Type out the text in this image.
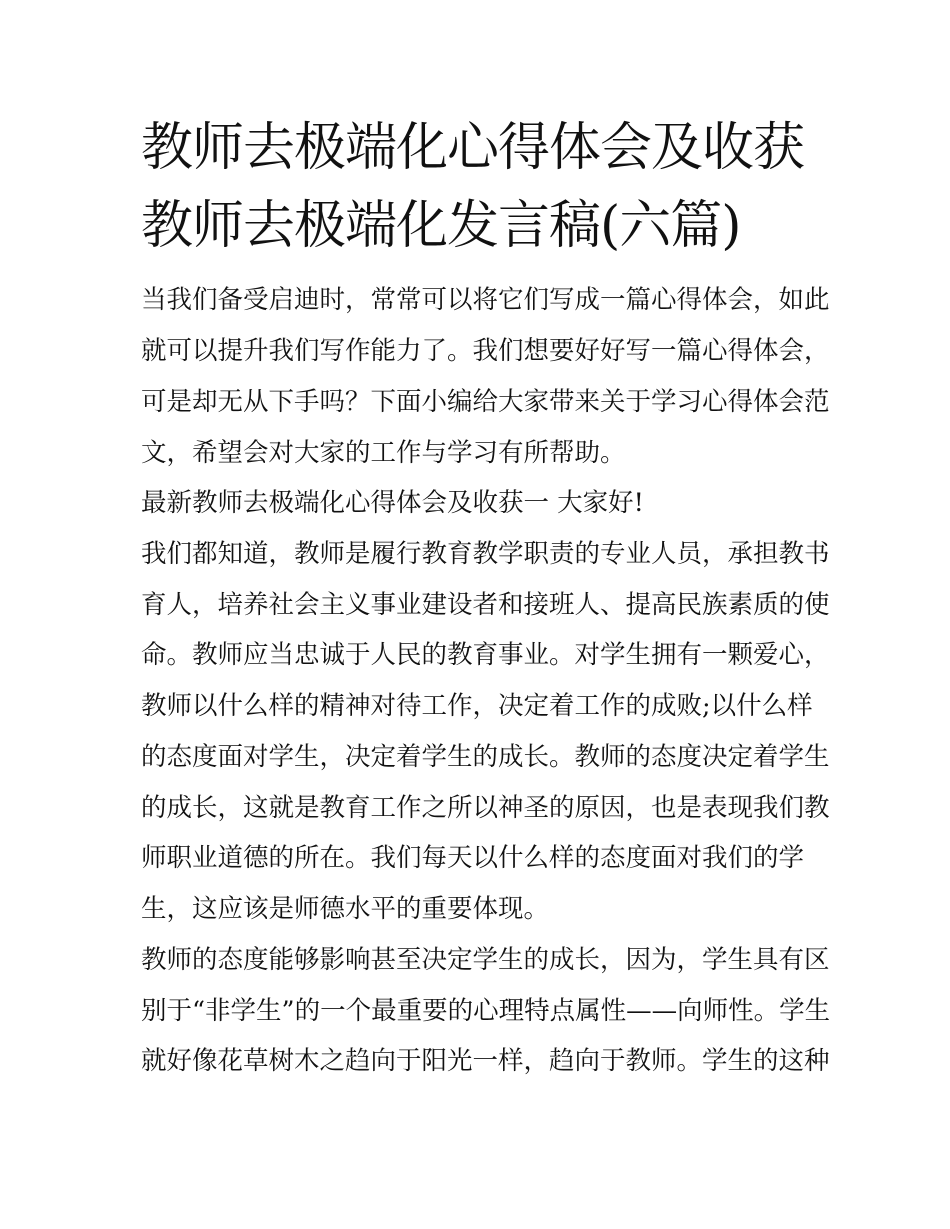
教师去极端化心得体会及收获
教师去极端化发言稿(六篇)

当我们备受启迪时，常常可以将它们写成一篇心得体会，如此

就可以提升我们写作能力了。我们想要好好写一篇心得体会，

可是却无从下手吗？下面小编给大家带来关于学习心得体会范

文，希望会对大家的工作与学习有所帮助。

最新教师去极端化心得体会及收获一 大家好!

我们都知道，教师是履行教育教学职责的专业人员，承担教书

育人，培养社会主义事业建设者和接班人、提高民族素质的使

命。教师应当忠诚于人民的教育事业。对学生拥有一颗爱心，

教师以什么样的精神对待工作，决定着工作的成败;以什么样

的态度面对学生，决定着学生的成长。教师的态度决定着学生

的成长，这就是教育工作之所以神圣的原因，也是表现我们教

师职业道德的所在。我们每天以什么样的态度面对我们的学

生，这应该是师德水平的重要体现。

教师的态度能够影响甚至决定学生的成长，因为，学生具有区

别于“非学生”的一个最重要的心理特点属性——向师性。学生

就好像花草树木之趋向于阳光一样，趋向于教师。学生的这种
